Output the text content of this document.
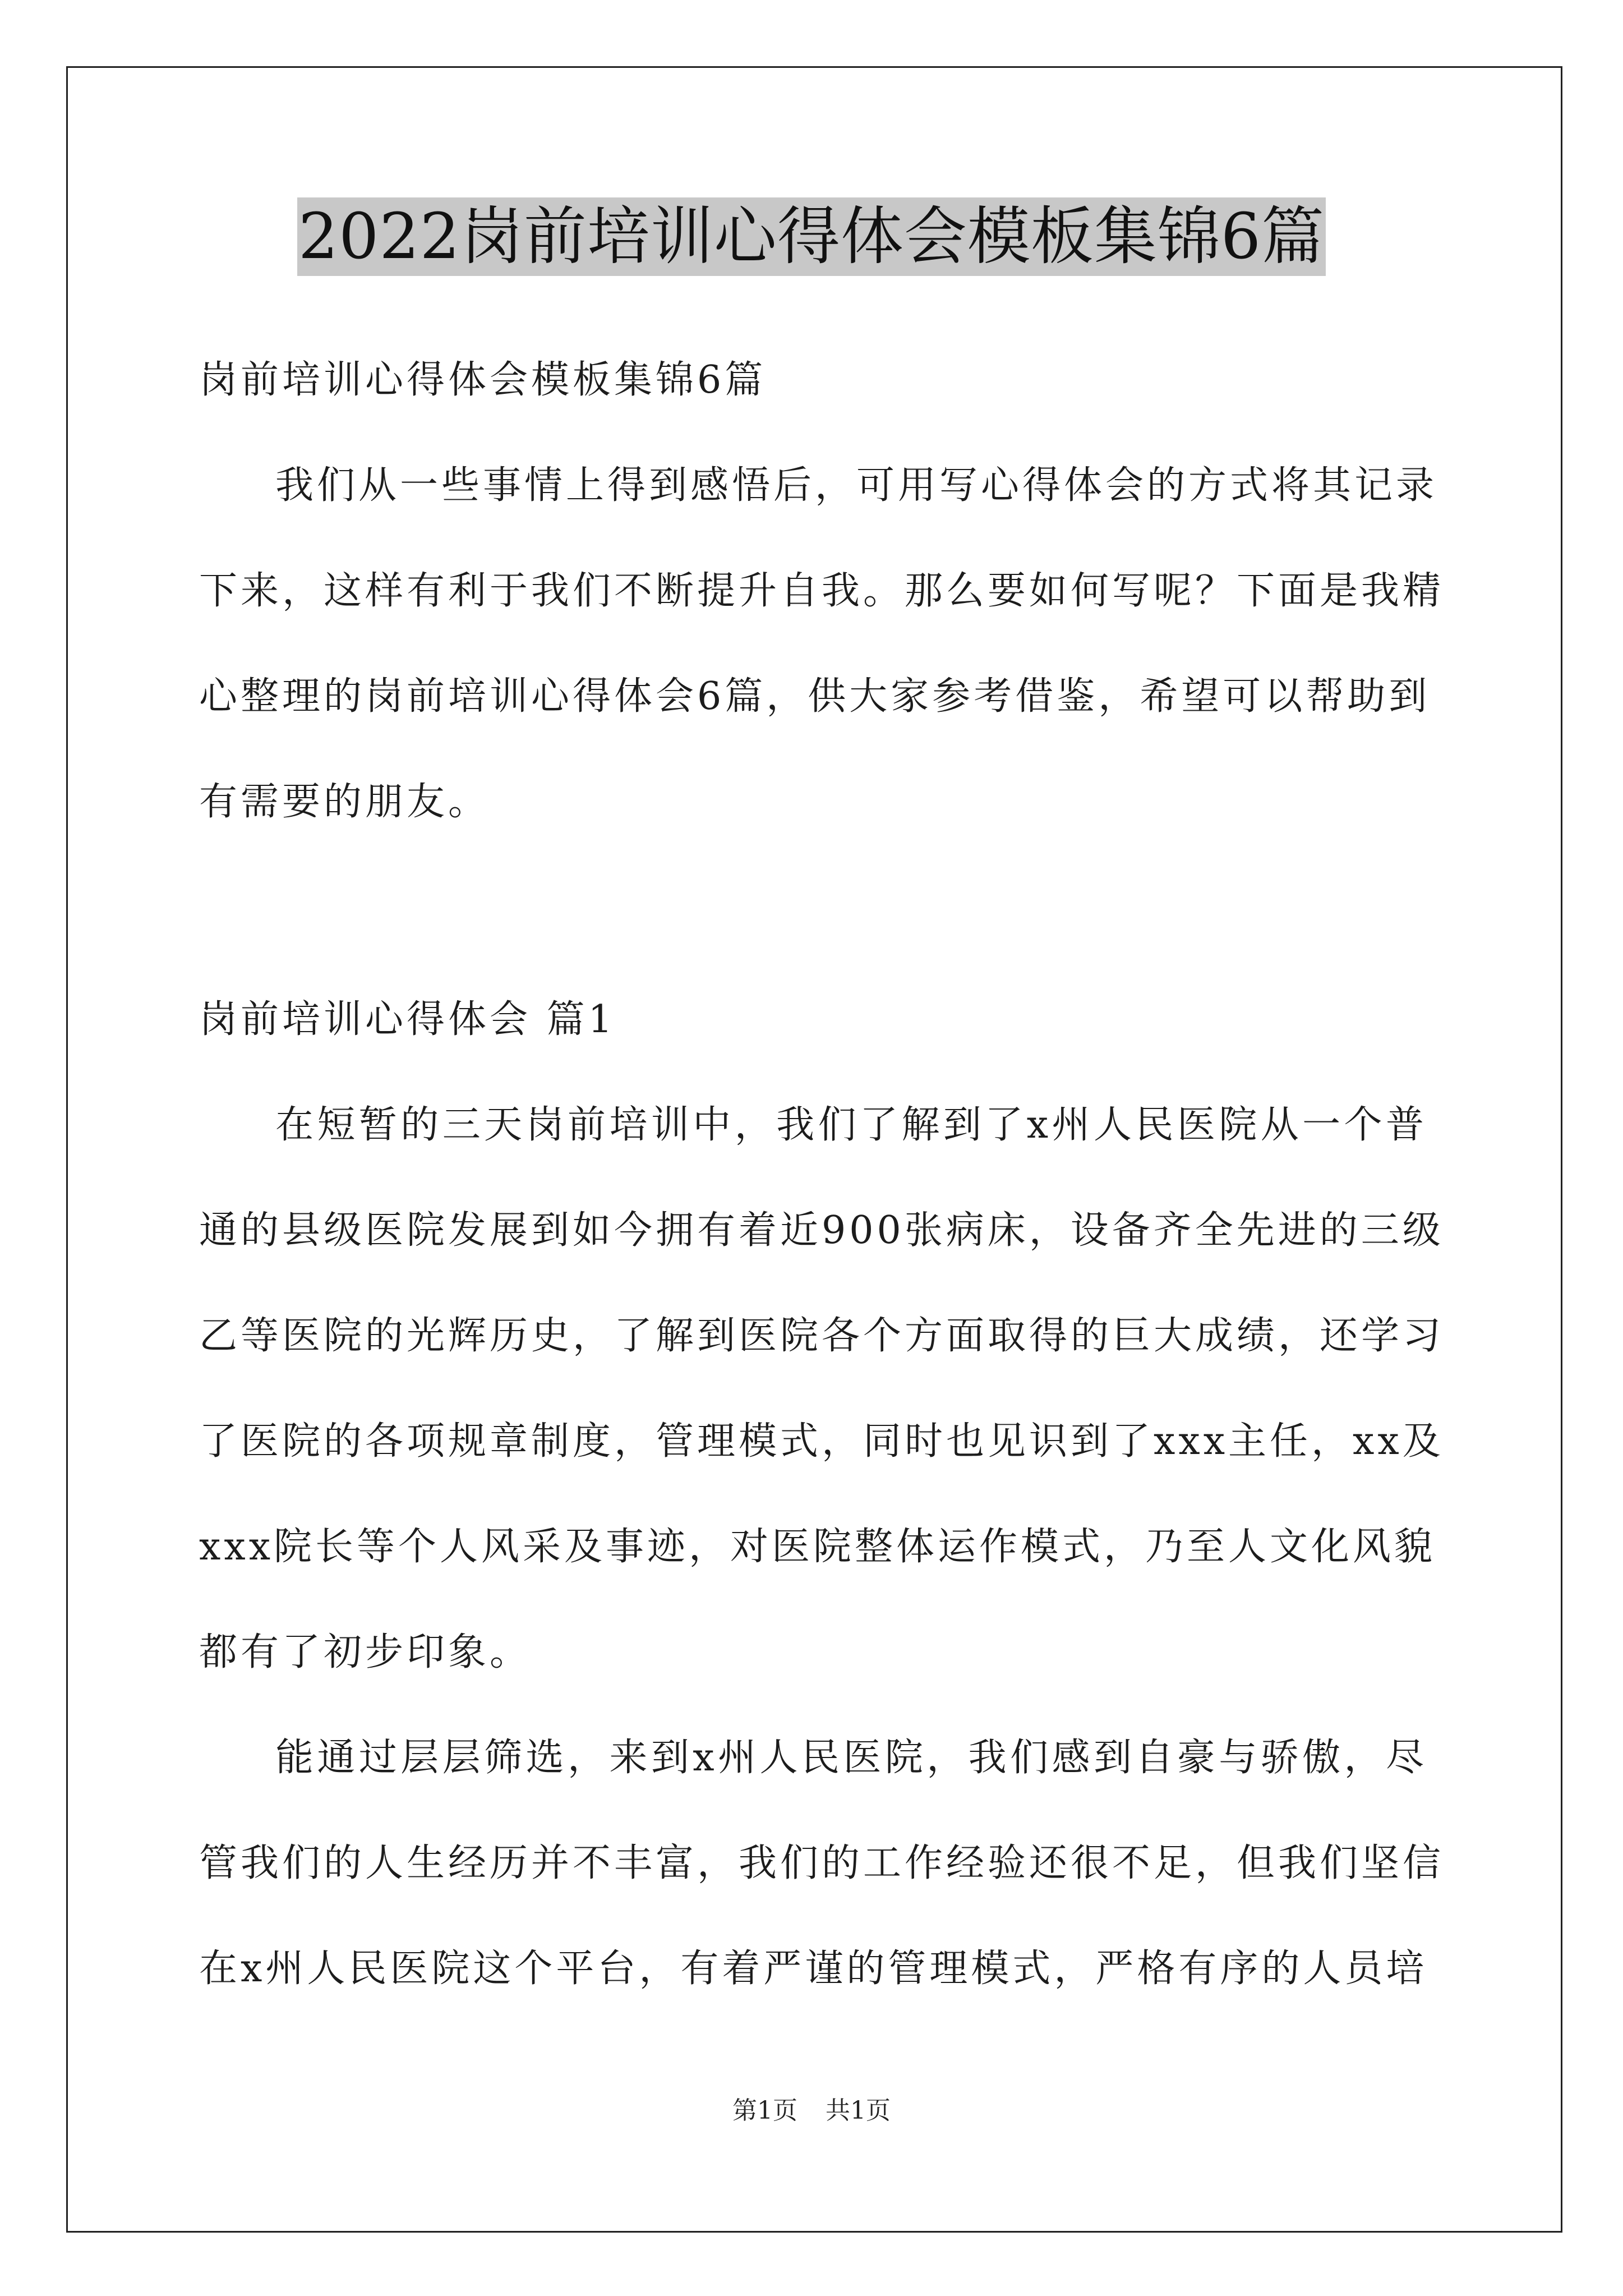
2022岗前培训心得体会模板集锦6篇
岗前培训心得体会模板集锦6篇
我们从一些事情上得到感悟后，可用写心得体会的方式将其记录
下来，这样有利于我们不断提升自我。那么要如何写呢？下面是我精
心整理的岗前培训心得体会6篇，供大家参考借鉴，希望可以帮助到
有需要的朋友。
岗前培训心得体会 篇1
在短暂的三天岗前培训中，我们了解到了x州人民医院从一个普
通的县级医院发展到如今拥有着近900张病床，设备齐全先进的三级
乙等医院的光辉历史，了解到医院各个方面取得的巨大成绩，还学习
了医院的各项规章制度，管理模式，同时也见识到了xxx主任，xx及
xxx院长等个人风采及事迹，对医院整体运作模式，乃至人文化风貌
都有了初步印象。
能通过层层筛选，来到x州人民医院，我们感到自豪与骄傲，尽
管我们的人生经历并不丰富，我们的工作经验还很不足，但我们坚信
在x州人民医院这个平台，有着严谨的管理模式，严格有序的人员培
第1页 共1页
